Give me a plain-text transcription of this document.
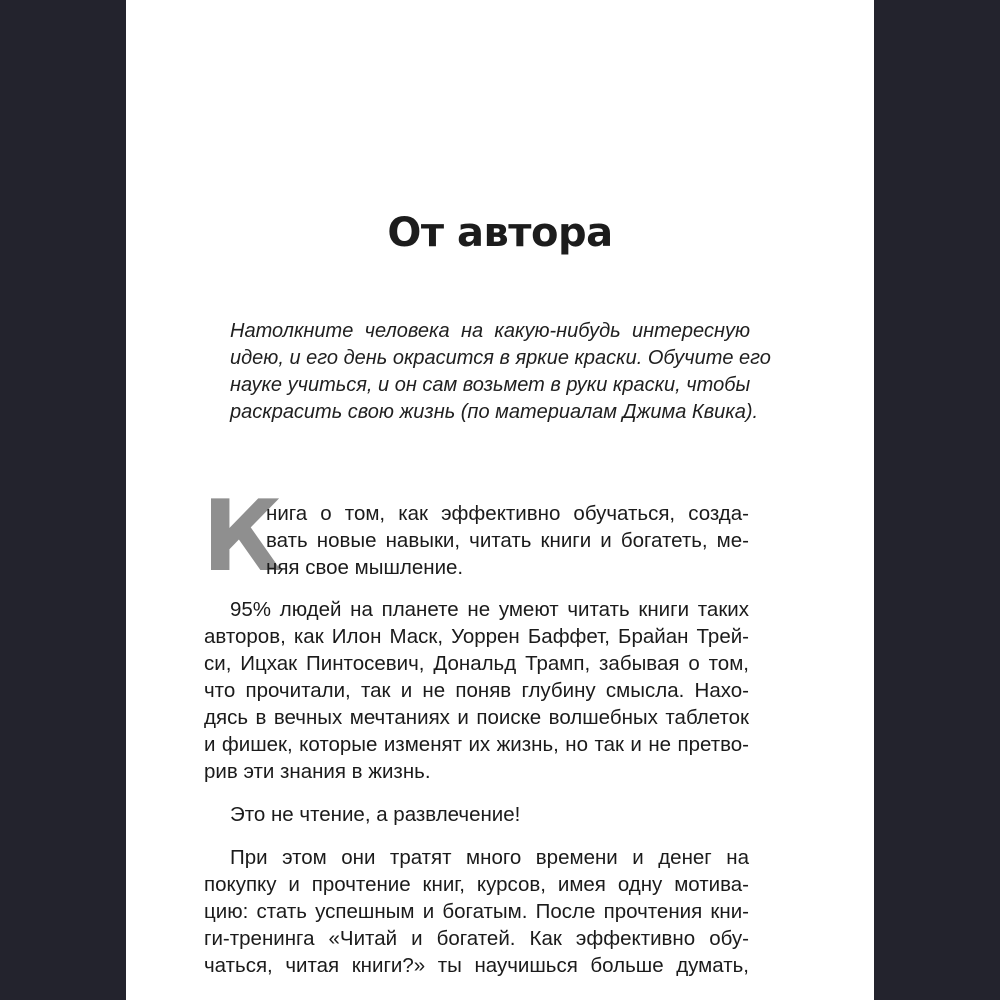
От автора
Натолкните человека на какую-нибудь интересную
идею, и его день окрасится в яркие краски. Обучите его
науке учиться, и он сам возьмет в руки краски, чтобы
раскрасить свою жизнь (по материалам Джима Квика).
К

нига о том, как эффективно обучаться, созда-

вать новые навыки, читать книги и богатеть, ме-

няя свое мышление.

95% людей на планете не умеют читать книги таких

авторов, как Илон Маск, Уоррен Баффет, Брайан Трей-

си, Ицхак Пинтосевич, Дональд Трамп, забывая о том,

что прочитали, так и не поняв глубину смысла. Нахо-

дясь в вечных мечтаниях и поиске волшебных таблеток

и фишек, которые изменят их жизнь, но так и не претво-

рив эти знания в жизнь.

Это не чтение, а развлечение!

При этом они тратят много времени и денег на

покупку и прочтение книг, курсов, имея одну мотива-

цию: стать успешным и богатым. После прочтения кни-

ги-тренинга «Читай и богатей. Как эффективно обу-

чаться, читая книги?» ты научишься больше думать,
